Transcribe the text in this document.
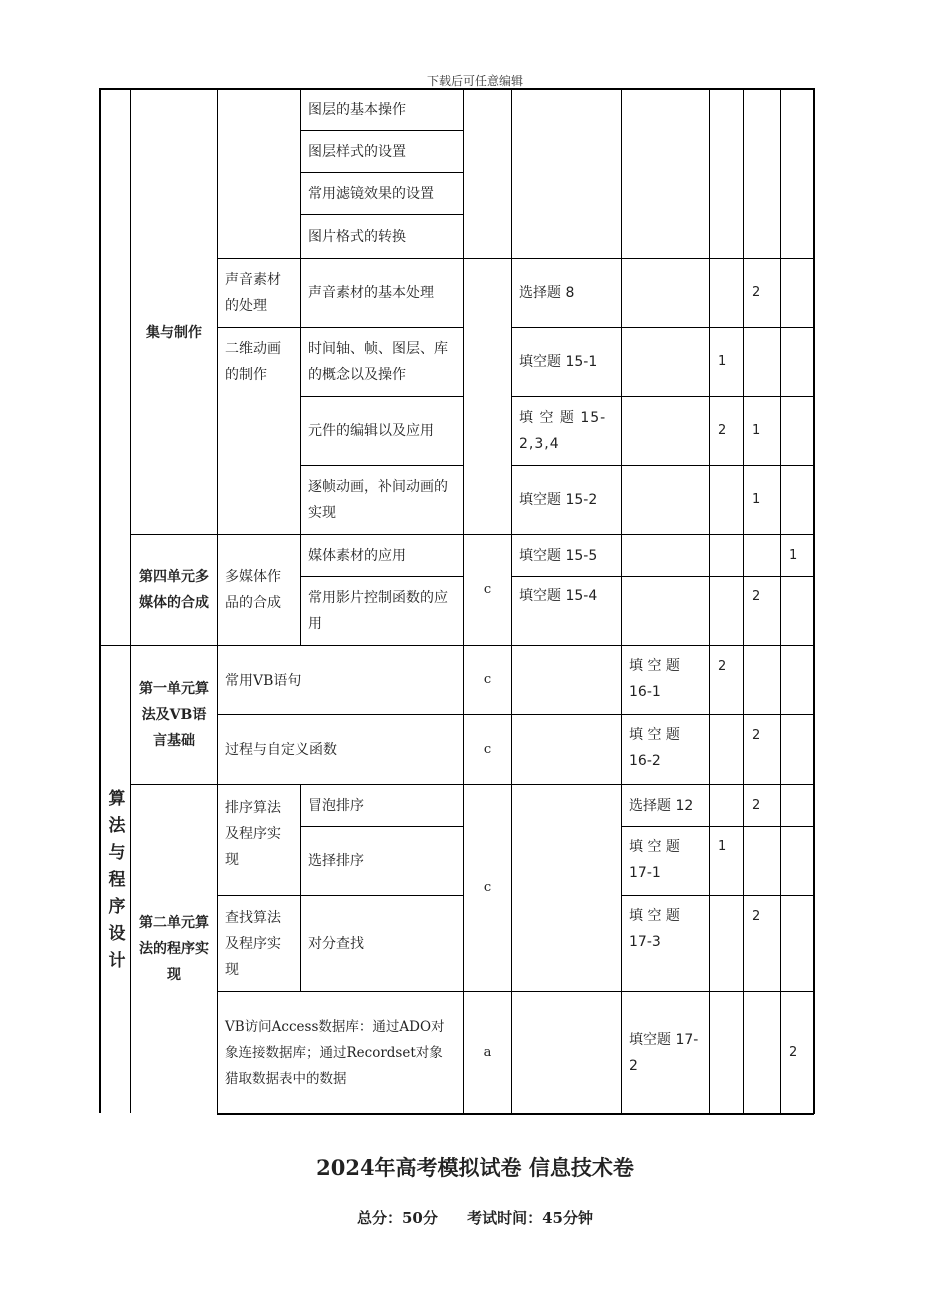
下载后可任意编辑
集与制作
第四单元多媒体的合成
算法与程序设计
第一单元算法及VB语言基础
第二单元算法的程序实现
声音素材的处理
二维动画的制作
多媒体作品的合成
排序算法及程序实现
查找算法及程序实现
图层的基本操作
图层样式的设置
常用滤镜效果的设置
图片格式的转换
声音素材的基本处理
时间轴、帧、图层、库的概念以及操作
元件的编辑以及应用
逐帧动画，补间动画的实现
媒体素材的应用
常用影片控制函数的应用
常用VB语句
过程与自定义函数
冒泡排序
选择排序
对分查找
VB访问Access数据库：通过ADO对象连接数据库；通过Recordset对象猎取数据表中的数据
c
c
c
c
a
选择题 8
填空题 15-1
填 空 题 15-2,3,4
填空题 15-2
填空题 15-5
填空题 15-4
填 空 题 16-1
填 空 题 16-2
选择题 12
填 空 题 17-1
填 空 题 17-3
填空题 17-2
2
1
2	1
1
1
2
2
2
2
1
2
2
2024年高考模拟试卷 信息技术卷
总分：50分 考试时间：45分钟
